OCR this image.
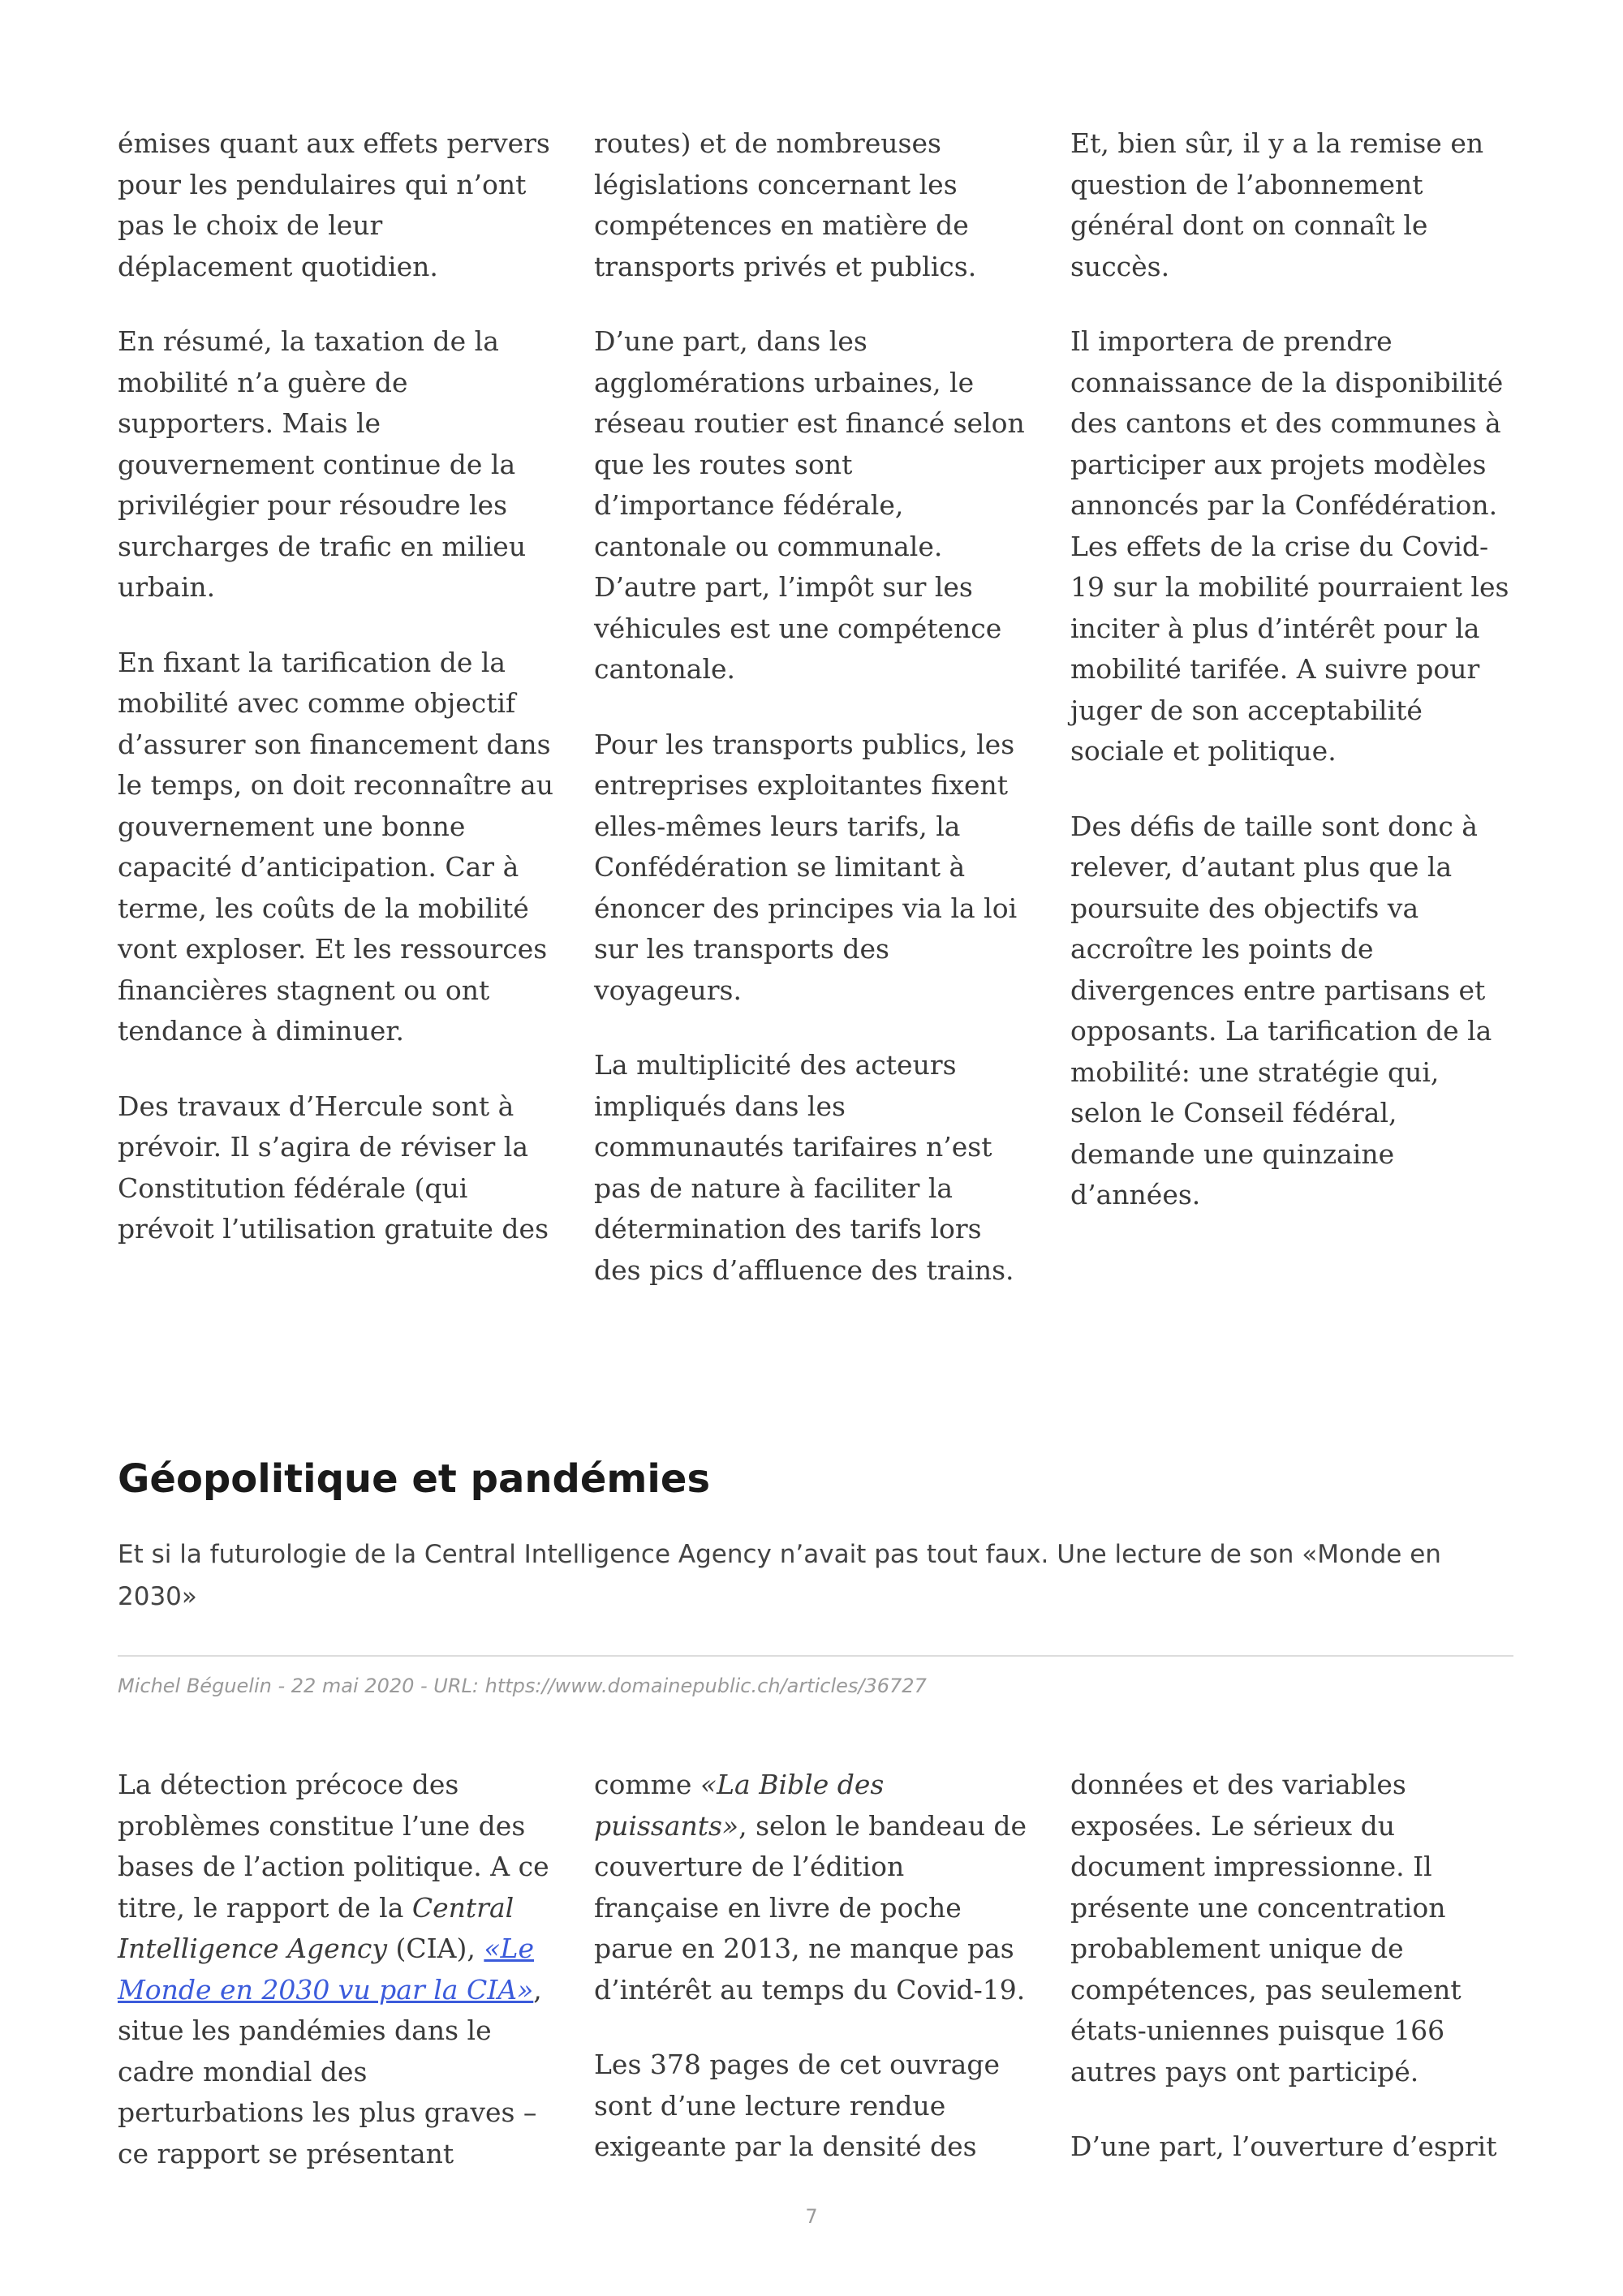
émises quant aux effets pervers pour les pendulaires qui n’ont pas le choix de leur déplacement quotidien.

En résumé, la taxation de la mobilité n’a guère de supporters. Mais le gouvernement continue de la privilégier pour résoudre les surcharges de trafic en milieu urbain.

En fixant la tarification de la mobilité avec comme objectif d’assurer son financement dans le temps, on doit reconnaître au gouvernement une bonne capacité d’anticipation. Car à terme, les coûts de la mobilité vont exploser. Et les ressources financières stagnent ou ont tendance à diminuer.

Des travaux d’Hercule sont à prévoir. Il s’agira de réviser la Constitution fédérale (qui prévoit l’utilisation gratuite des

routes) et de nombreuses législations concernant les compétences en matière de transports privés et publics.

D’une part, dans les agglomérations urbaines, le réseau routier est financé selon que les routes sont d’importance fédérale, cantonale ou communale. D’autre part, l’impôt sur les véhicules est une compétence cantonale.

Pour les transports publics, les entreprises exploitantes fixent elles-mêmes leurs tarifs, la Confédération se limitant à énoncer des principes via la loi sur les transports des voyageurs.

La multiplicité des acteurs impliqués dans les communautés tarifaires n’est pas de nature à faciliter la détermination des tarifs lors des pics d’affluence des trains.

Et, bien sûr, il y a la remise en question de l’abonnement général dont on connaît le succès.

Il importera de prendre connaissance de la disponibilité des cantons et des communes à participer aux projets modèles annoncés par la Confédération. Les effets de la crise du Covid-19 sur la mobilité pourraient les inciter à plus d’intérêt pour la mobilité tarifée. A suivre pour juger de son acceptabilité sociale et politique.

Des défis de taille sont donc à relever, d’autant plus que la poursuite des objectifs va accroître les points de divergences entre partisans et opposants. La tarification de la mobilité: une stratégie qui, selon le Conseil fédéral, demande une quinzaine d’années.

Géopolitique et pandémies

Et si la futurologie de la Central Intelligence Agency n’avait pas tout faux. Une lecture de son «Monde en 2030»

Michel Béguelin - 22 mai 2020 - URL: https://www.domainepublic.ch/articles/36727

La détection précoce des problèmes constitue l’une des bases de l’action politique. A ce titre, le rapport de la Central Intelligence Agency (CIA), «Le Monde en 2030 vu par la CIA», situe les pandémies dans le cadre mondial des perturbations les plus graves – ce rapport se présentant

comme «La Bible des puissants», selon le bandeau de couverture de l’édition française en livre de poche parue en 2013, ne manque pas d’intérêt au temps du Covid-19.

Les 378 pages de cet ouvrage sont d’une lecture rendue exigeante par la densité des

données et des variables exposées. Le sérieux du document impressionne. Il présente une concentration probablement unique de compétences, pas seulement états-uniennes puisque 166 autres pays ont participé.

D’une part, l’ouverture d’esprit

7
